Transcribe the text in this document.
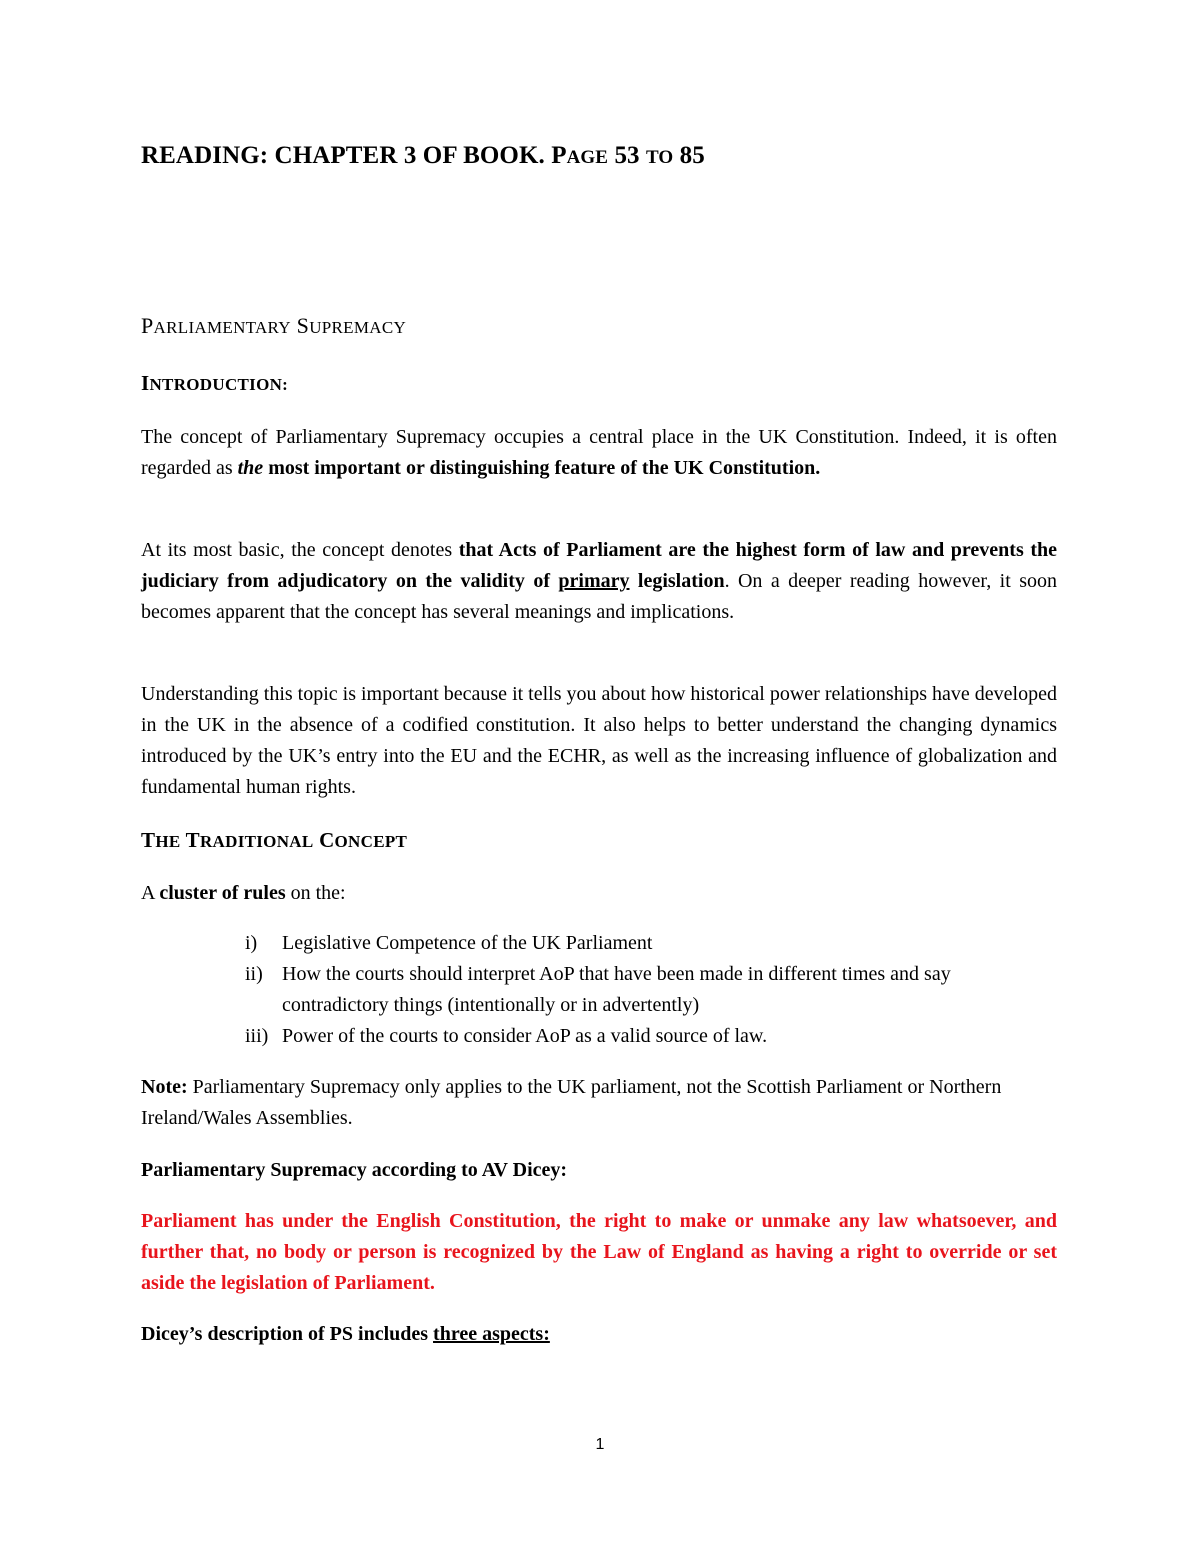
READING: CHAPTER 3 OF BOOK. PAGE 53 TO 85
PARLIAMENTARY SUPREMACY
INTRODUCTION:

The concept of Parliamentary Supremacy occupies a central place in the UK Constitution. Indeed, it is often regarded as the most important or distinguishing feature of the UK Constitution.

At its most basic, the concept denotes that Acts of Parliament are the highest form of law and prevents the judiciary from adjudicatory on the validity of primary legislation. On a deeper reading however, it soon becomes apparent that the concept has several meanings and implications.

Understanding this topic is important because it tells you about how historical power relationships have developed in the UK in the absence of a codified constitution. It also helps to better understand the changing dynamics introduced by the UK’s entry into the EU and the ECHR, as well as the increasing influence of globalization and fundamental human rights.

THE TRADITIONAL CONCEPT

A cluster of rules on the:

i)	Legislative Competence of the UK Parliament
ii) How the courts should interpret AoP that have been made in different times and say contradictory things (intentionally or in advertently)
iii) Power of the courts to consider AoP as a valid source of law.

Note: Parliamentary Supremacy only applies to the UK parliament, not the Scottish Parliament or Northern    Ireland/Wales Assemblies.

Parliamentary Supremacy according to AV Dicey:

Parliament has under the English Constitution, the right to make or unmake any law whatsoever, and further that, no body or person is recognized by the Law of England as having a right to override or set aside the legislation of Parliament.

Dicey’s description of PS includes three aspects:

1
